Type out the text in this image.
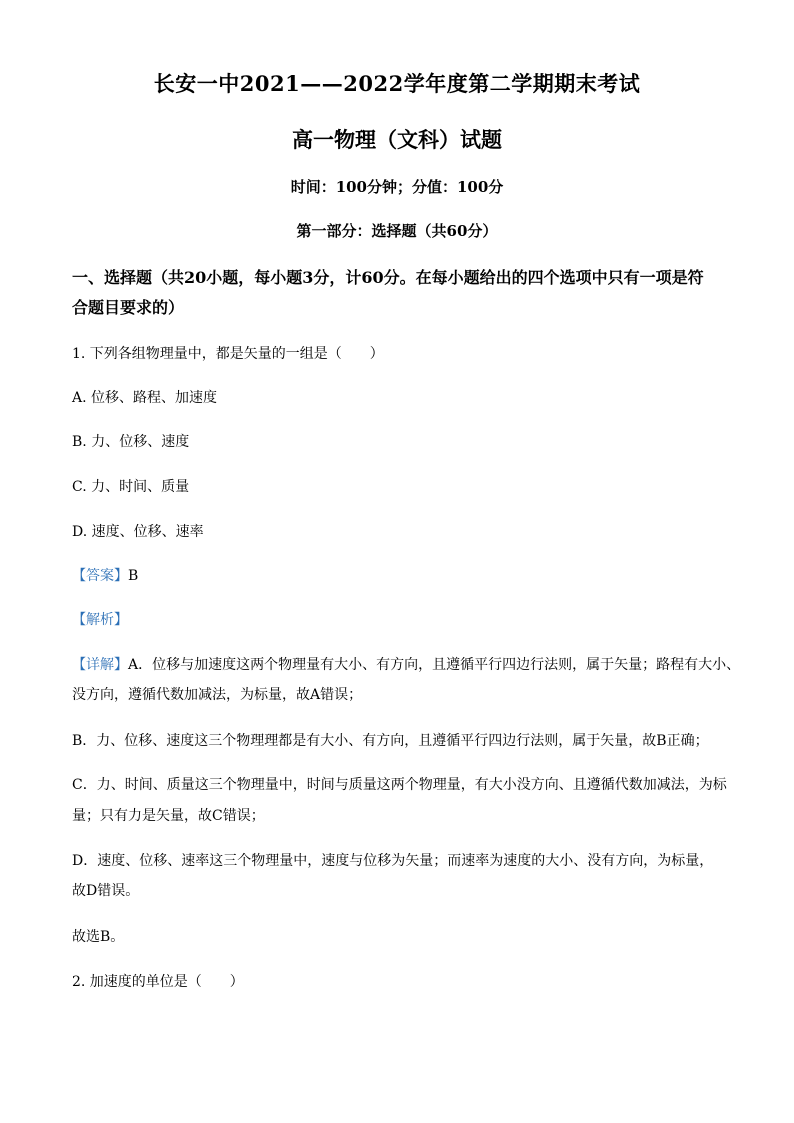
长安一中2021——2022学年度第二学期期末考试
高一物理（文科）试题
时间：100分钟；分值：100分
第一部分：选择题（共60分）
一、选择题（共20小题，每小题3分，计60分。在每小题给出的四个选项中只有一项是符
合题目要求的）
1. 下列各组物理量中，都是矢量的一组是（　　）
A. 位移、路程、加速度
B. 力、位移、速度
C. 力、时间、质量
D. 速度、位移、速率
【答案】B
【解析】
【详解】A．位移与加速度这两个物理量有大小、有方向，且遵循平行四边行法则，属于矢量；路程有大小、
没方向，遵循代数加减法，为标量，故A错误；
B．力、位移、速度这三个物理理都是有大小、有方向，且遵循平行四边行法则，属于矢量，故B正确；
C．力、时间、质量这三个物理量中，时间与质量这两个物理量，有大小没方向、且遵循代数加减法，为标
量；只有力是矢量，故C错误；
D．速度、位移、速率这三个物理量中，速度与位移为矢量；而速率为速度的大小、没有方向，为标量，
故D错误。
故选B。
2. 加速度的单位是（　　）
